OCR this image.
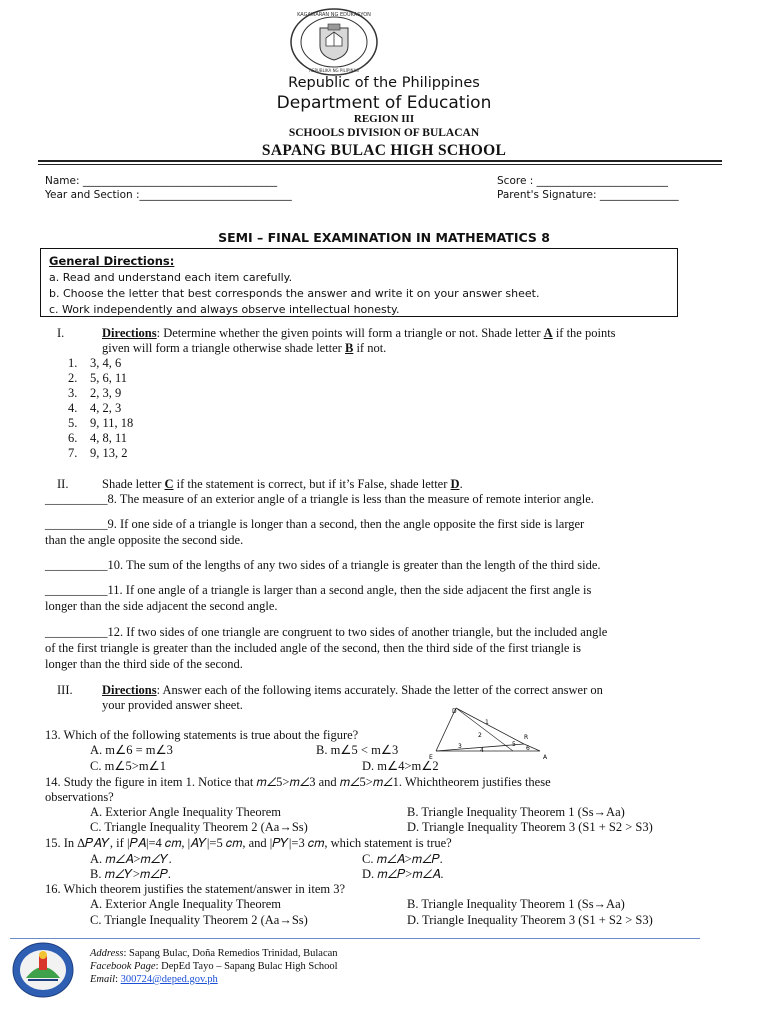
KAGAWARAN NG EDUKASYON
REPUBLIKA NG PILIPINAS
Republic of the Philippines
Department of Education
REGION III
SCHOOLS DIVISION OF BULACAN
SAPANG BULAC HIGH SCHOOL
Name: _____________________________________
Year and Section :_____________________________
Score : _________________________
Parent's Signature: _______________
SEMI – FINAL EXAMINATION IN MATHEMATICS 8
General Directions:
a. Read and understand each item carefully.
b. Choose the letter that best corresponds the answer and write it on your answer sheet.
c. Work independently and always observe intellectual honesty.
I.	Directions: Determine whether the given points will form a triangle or not. Shade letter A if the points
given will form a triangle otherwise shade letter B if not.
1. 3, 4, 6
2. 5, 6, 11
3. 2, 3, 9
4. 4, 2, 3
5. 9, 11, 18
6. 4, 8, 11
7. 9, 13, 2
II.	Shade letter C if the statement is correct, but if it’s False, shade letter D.
__________8. The measure of an exterior angle of a triangle is less than the measure of remote interior angle.
__________9. If one side of a triangle is longer than a second, then the angle opposite the first side is larger
than the angle opposite the second side.
__________10. The sum of the lengths of any two sides of a triangle is greater than the length of the third side.
__________11. If one angle of a triangle is larger than a second angle, then the side adjacent the first angle is
longer than the side adjacent the second angle.
__________12. If two sides of one triangle are congruent to two sides of another triangle, but the included angle
of the first triangle is greater than the included angle of the second, then the third side of the first triangle is
longer than the third side of the second.
III. Directions: Answer each of the following items accurately. Shade the letter of the correct answer on
your provided answer sheet.
13. Which of the following statements is true about the figure?
A. m∠6 = m∠3	B. m∠5 < m∠3
C. m∠5>m∠1	D. m∠4>m∠2
D
1
2
3
4
5
6
R
E	A
14. Study the figure in item 1. Notice that 𝑚∠5>𝑚∠3 and 𝑚∠5>𝑚∠1. Whichtheorem justifies these
observations?
A. Exterior Angle Inequality Theorem	B. Triangle Inequality Theorem 1 (Ss→Aa)
C. Triangle Inequality Theorem 2 (Aa→Ss)	D. Triangle Inequality Theorem 3 (S1 + S2 > S3)
15. In ∆𝑃𝐴𝑌, if |𝑃𝐴|=4 𝑐𝑚, |𝐴𝑌|=5 𝑐𝑚, and |𝑃𝑌|=3 𝑐𝑚, which statement is true?
A. 𝑚∠𝐴>𝑚∠𝑌.	C. 𝑚∠𝐴>𝑚∠𝑃.
B. 𝑚∠𝑌>𝑚∠𝑃.	D. 𝑚∠𝑃>𝑚∠𝐴.
16. Which theorem justifies the statement/answer in item 3?
A. Exterior Angle Inequality Theorem	B. Triangle Inequality Theorem 1 (Ss→Aa)
C. Triangle Inequality Theorem 2 (Aa→Ss)	D. Triangle Inequality Theorem 3 (S1 + S2 > S3)
Address: Sapang Bulac, Doña Remedios Trinidad, Bulacan
Facebook Page: DepEd Tayo – Sapang Bulac High School
Email: 300724@deped.gov.ph
